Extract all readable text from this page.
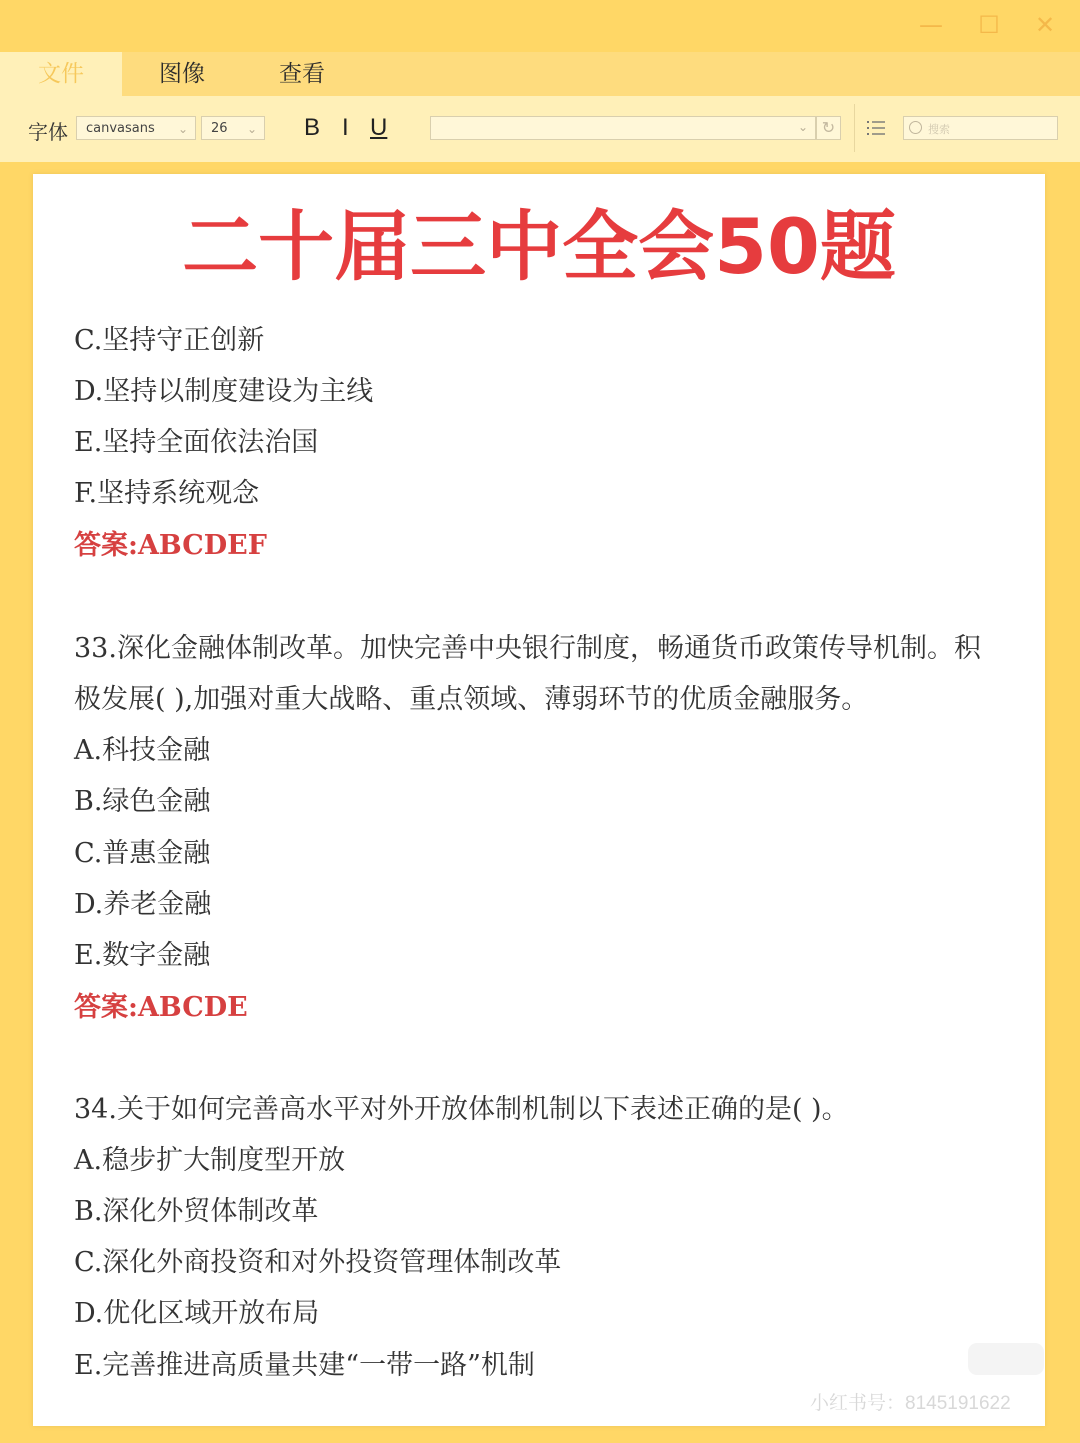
— ☐ ✕
文件	图像	查看
字体	canvasans ⌄	26 ⌄ B I U	⌄ ↻	搜索
二十届三中全会50题
C.坚持守正创新
D.坚持以制度建设为主线
E.坚持全面依法治国
F.坚持系统观念
答案:ABCDEF
33.深化金融体制改革。加快完善中央银行制度，畅通货币政策传导机制。积
极发展( ),加强对重大战略、重点领域、薄弱环节的优质金融服务。
A.科技金融
B.绿色金融
C.普惠金融
D.养老金融
E.数字金融
答案:ABCDE
34.关于如何完善高水平对外开放体制机制以下表述正确的是( )。
A.稳步扩大制度型开放
B.深化外贸体制改革
C.深化外商投资和对外投资管理体制改革
D.优化区域开放布局
E.完善推进高质量共建“一带一路”机制
小红书号：8145191622
